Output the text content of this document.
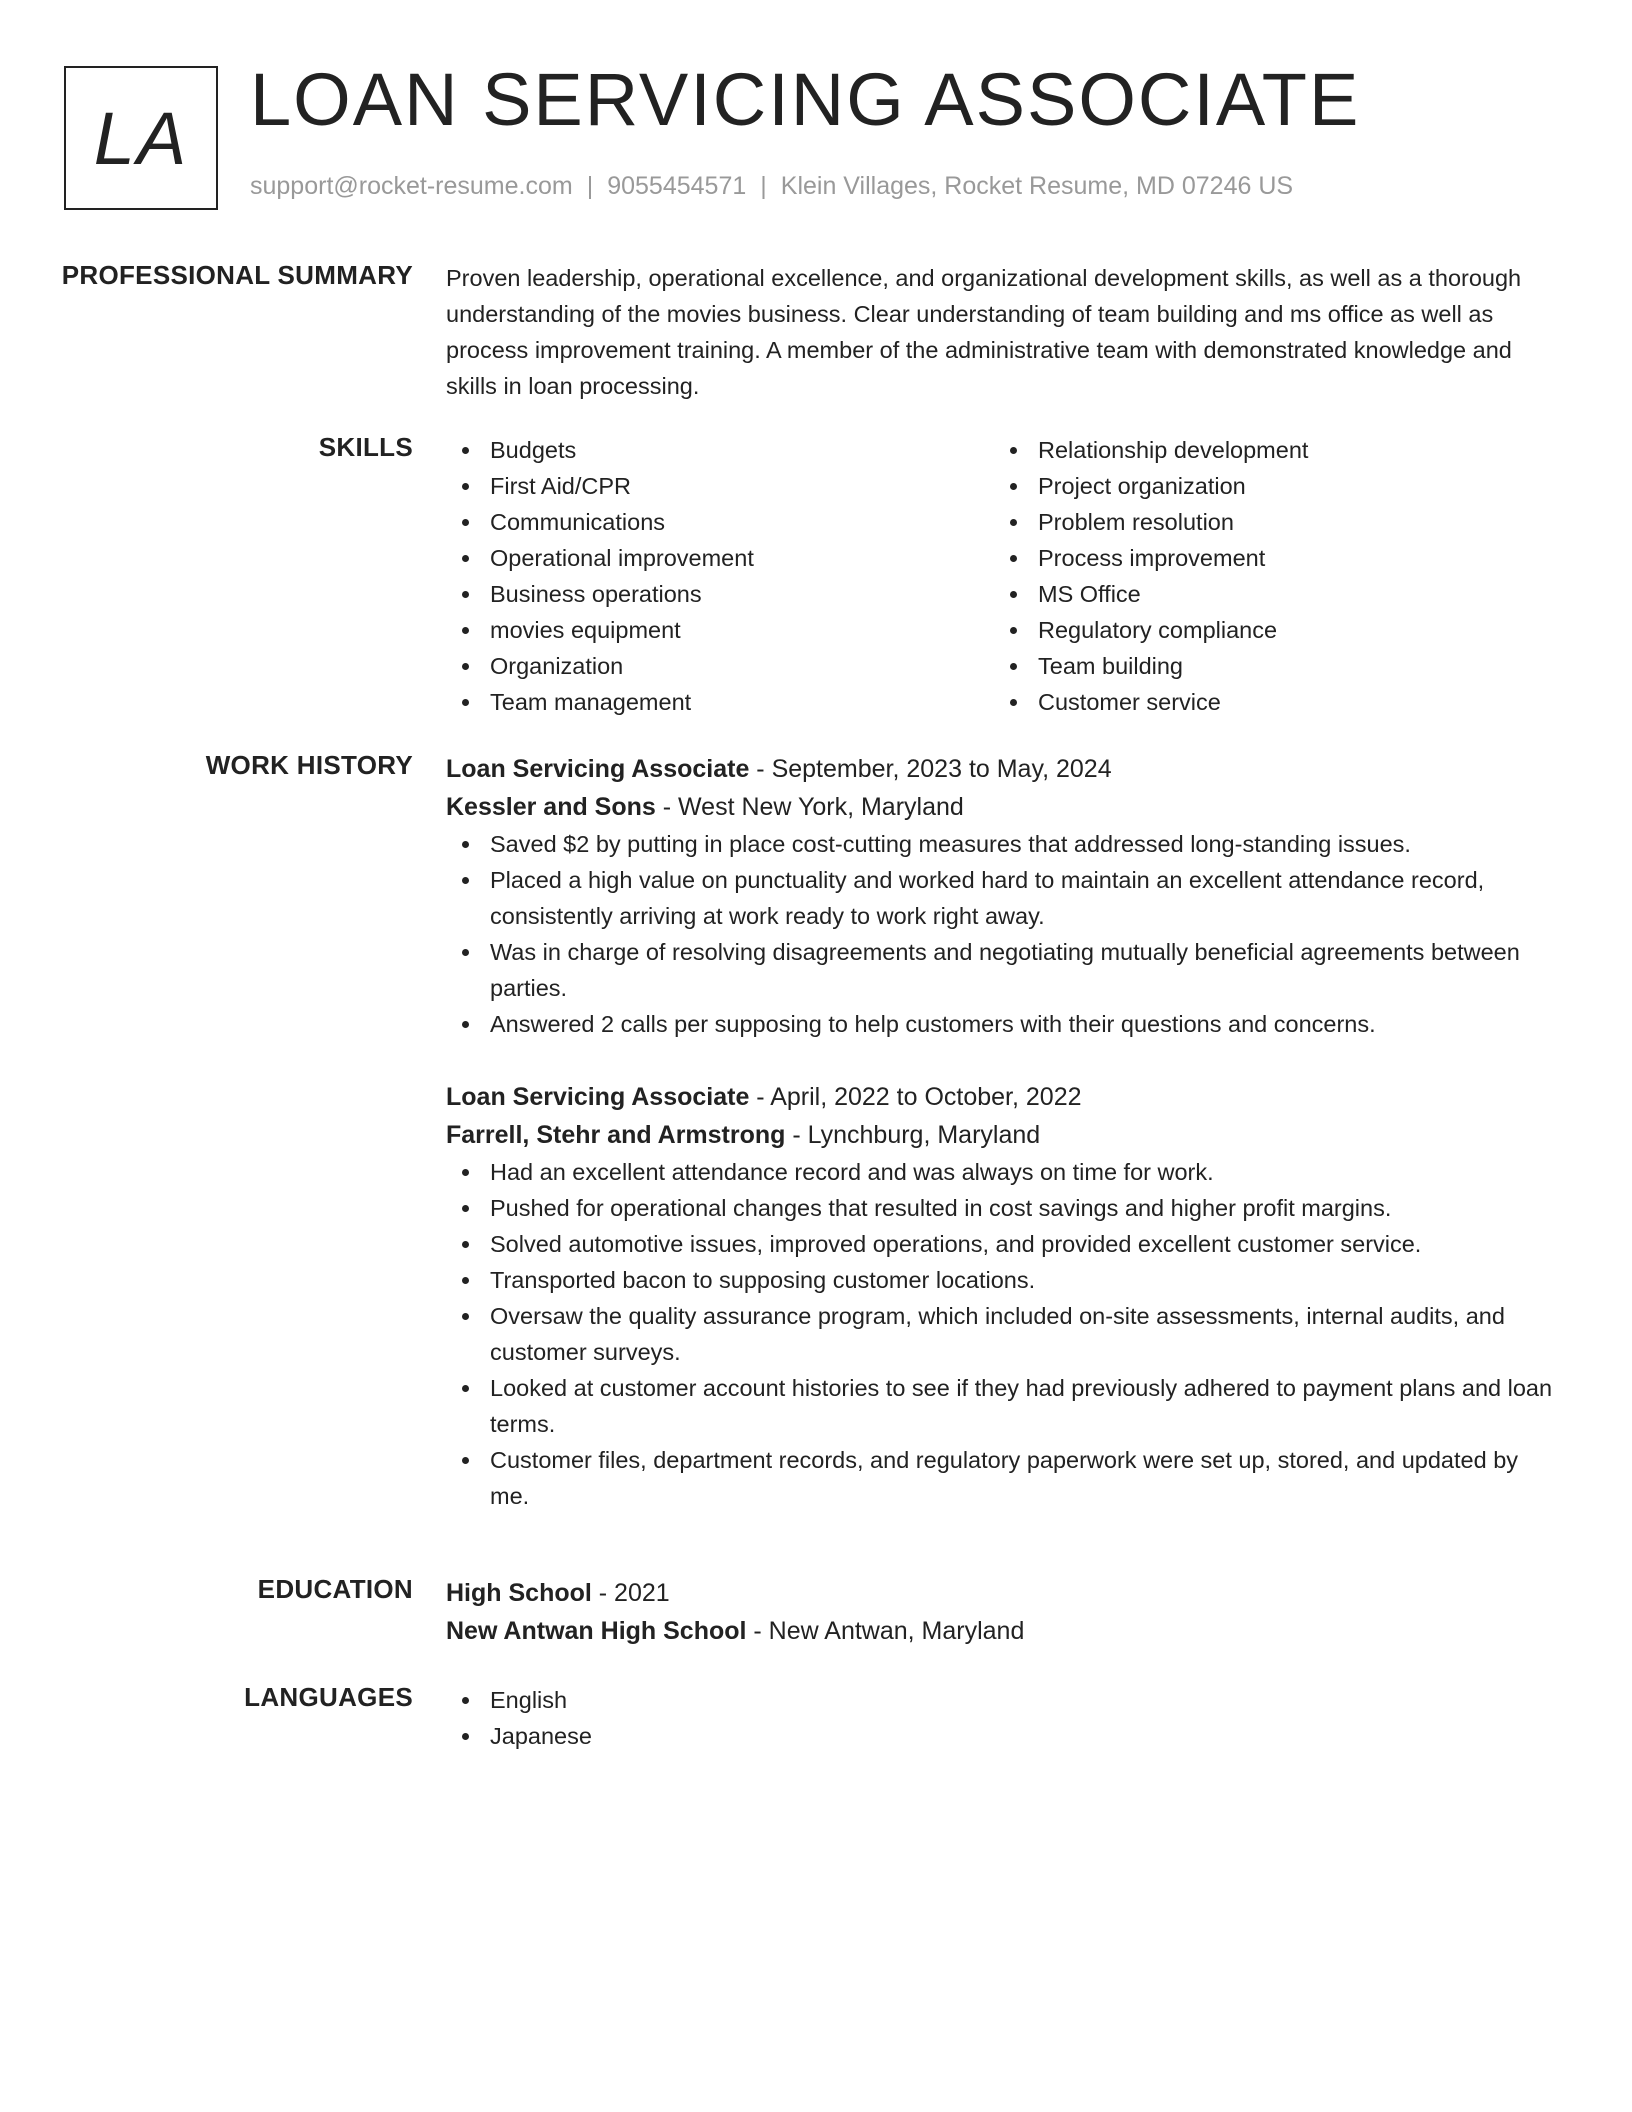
LA LOAN SERVICING ASSOCIATE
support@rocket-resume.com | 9055454571 | Klein Villages, Rocket Resume, MD 07246 US
PROFESSIONAL SUMMARY Proven leadership, operational excellence, and organizational development skills, as well as a thorough understanding of the movies business. Clear understanding of team building and ms office as well as process improvement training. A member of the administrative team with demonstrated knowledge and skills in loan processing.

SKILLS	Budgets
First Aid/CPR
Communications
Operational improvement
Business operations
movies equipment
Organization
Team management
Relationship development
Project organization
Problem resolution
Process improvement
MS Office
Regulatory compliance
Team building
Customer service
WORK HISTORY Loan Servicing Associate - September, 2023 to May, 2024
Kessler and Sons - West New York, Maryland
Saved $2 by putting in place cost-cutting measures that addressed long-standing issues.
Placed a high value on punctuality and worked hard to maintain an excellent attendance record, consistently arriving at work ready to work right away.
Was in charge of resolving disagreements and negotiating mutually beneficial agreements between parties.
Answered 2 calls per supposing to help customers with their questions and concerns.
Loan Servicing Associate - April, 2022 to October, 2022
Farrell, Stehr and Armstrong - Lynchburg, Maryland
Had an excellent attendance record and was always on time for work.
Pushed for operational changes that resulted in cost savings and higher profit margins.
Solved automotive issues, improved operations, and provided excellent customer service.
Transported bacon to supposing customer locations.
Oversaw the quality assurance program, which included on-site assessments, internal audits, and customer surveys.
Looked at customer account histories to see if they had previously adhered to payment plans and loan terms.
Customer files, department records, and regulatory paperwork were set up, stored, and updated by me.
EDUCATION High School - 2021
New Antwan High School - New Antwan, Maryland
LANGUAGES	English
Japanese
